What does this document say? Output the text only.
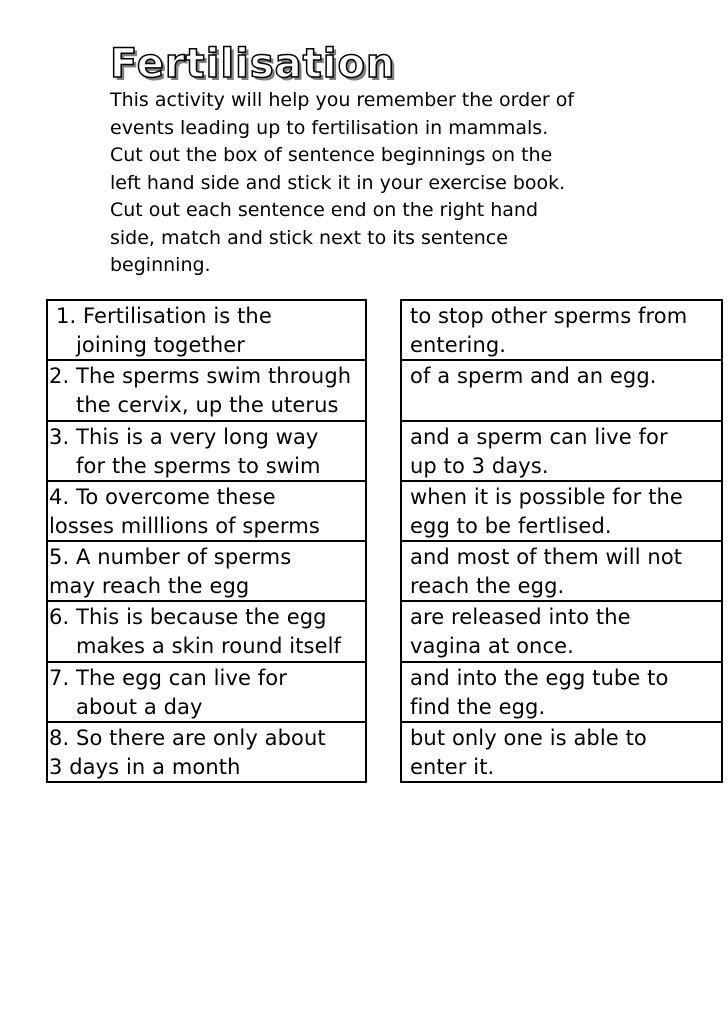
Fertilisation
This activity will help you remember the order of
events leading up to fertilisation in mammals.
Cut out the box of sentence beginnings on the
left hand side and stick it in your exercise book.
Cut out each sentence end on the right hand
side, match and stick next to its sentence
beginning.
1. Fertilisation is the
joining together
2. The sperms swim through
the cervix, up the uterus
3. This is a very long way
for the sperms to swim
4. To overcome these
losses milllions of sperms
5. A number of sperms
may reach the egg
6. This is because the egg
makes a skin round itself
7. The egg can live for
about a day
8. So there are only about
3 days in a month
to stop other sperms from
entering.
of a sperm and an egg.
and a sperm can live for
up to 3 days.
when it is possible for the
egg to be fertlised.
and most of them will not
reach the egg.
are released into the
vagina at once.
and into the egg tube to
find the egg.
but only one is able to
enter it.
